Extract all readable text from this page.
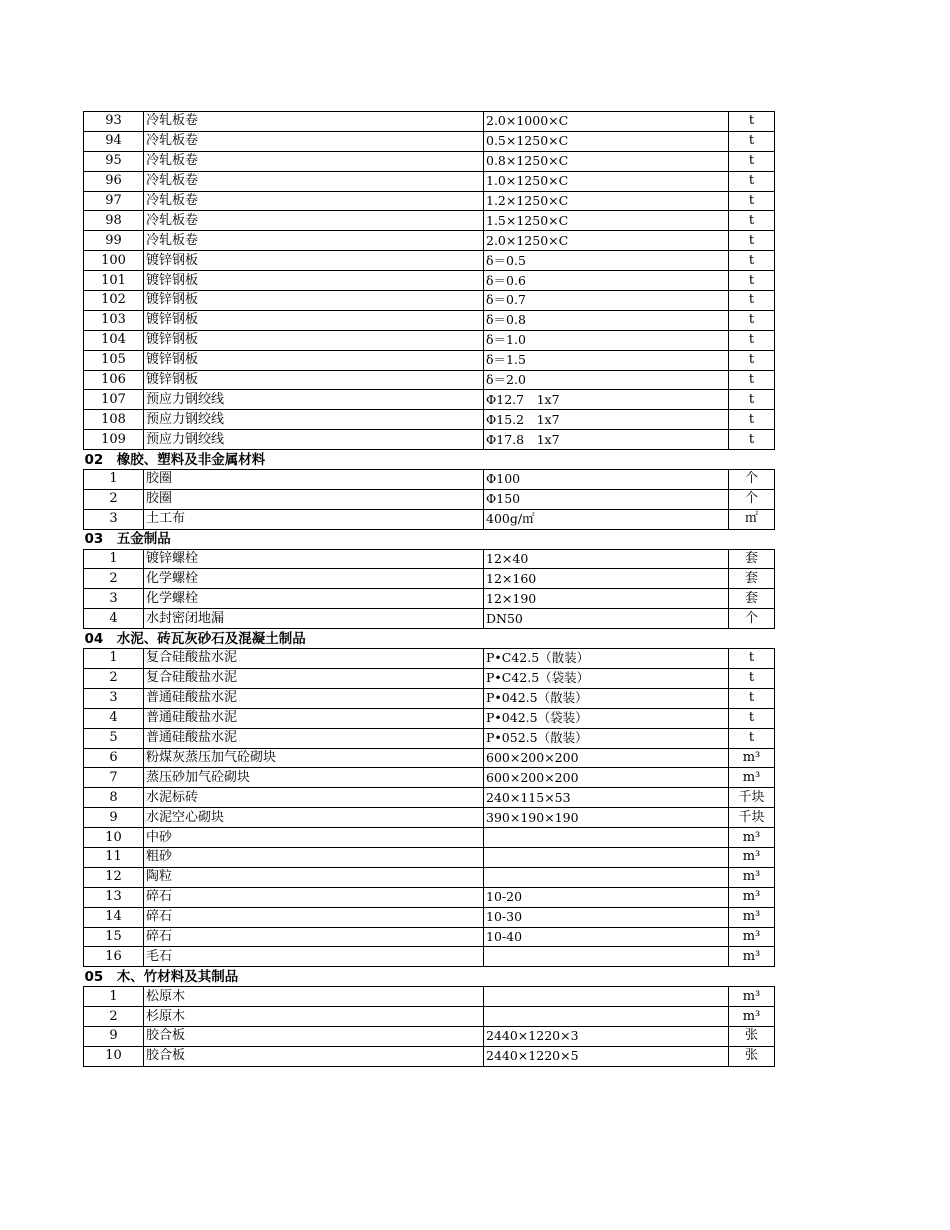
93	冷轧板卷	2.0×1000×C	t
94	冷轧板卷	0.5×1250×C	t
95	冷轧板卷	0.8×1250×C	t
96	冷轧板卷	1.0×1250×C	t
97	冷轧板卷	1.2×1250×C	t
98	冷轧板卷	1.5×1250×C	t
99	冷轧板卷	2.0×1250×C	t
100	镀锌钢板	δ＝0.5	t
101	镀锌钢板	δ＝0.6	t
102	镀锌钢板	δ＝0.7	t
103	镀锌钢板	δ＝0.8	t
104	镀锌钢板	δ＝1.0	t
105	镀锌钢板	δ＝1.5	t
106	镀锌钢板	δ＝2.0	t
107	预应力钢绞线	Φ12.7　1x7	t
108	预应力钢绞线	Φ15.2　1x7	t
109	预应力钢绞线	Φ17.8　1x7	t
02　橡胶、塑料及非金属材料			
1	胶圈	Φ100	个
2	胶圈	Φ150	个
3	土工布	400g/㎡	㎡
03　五金制品			
1	镀锌螺栓	12×40	套
2	化学螺栓	12×160	套
3	化学螺栓	12×190	套
4	水封密闭地漏	DN50	个
04　水泥、砖瓦灰砂石及混凝土制品			
1	复合硅酸盐水泥	P•C42.5（散装）	t
2	复合硅酸盐水泥	P•C42.5（袋装）	t
3	普通硅酸盐水泥	P•042.5（散装）	t
4	普通硅酸盐水泥	P•042.5（袋装）	t
5	普通硅酸盐水泥	P•052.5（散装）	t
6	粉煤灰蒸压加气砼砌块	600×200×200	m³
7	蒸压砂加气砼砌块	600×200×200	m³
8	水泥标砖	240×115×53	千块
9	水泥空心砌块	390×190×190	千块
10	中砂		m³
11	粗砂		m³
12	陶粒		m³
13	碎石	10-20	m³
14	碎石	10-30	m³
15	碎石	10-40	m³
16	毛石		m³
05　木、竹材料及其制品			
1	松原木		m³
2	杉原木		m³
9	胶合板	2440×1220×3	张
10	胶合板	2440×1220×5	张
